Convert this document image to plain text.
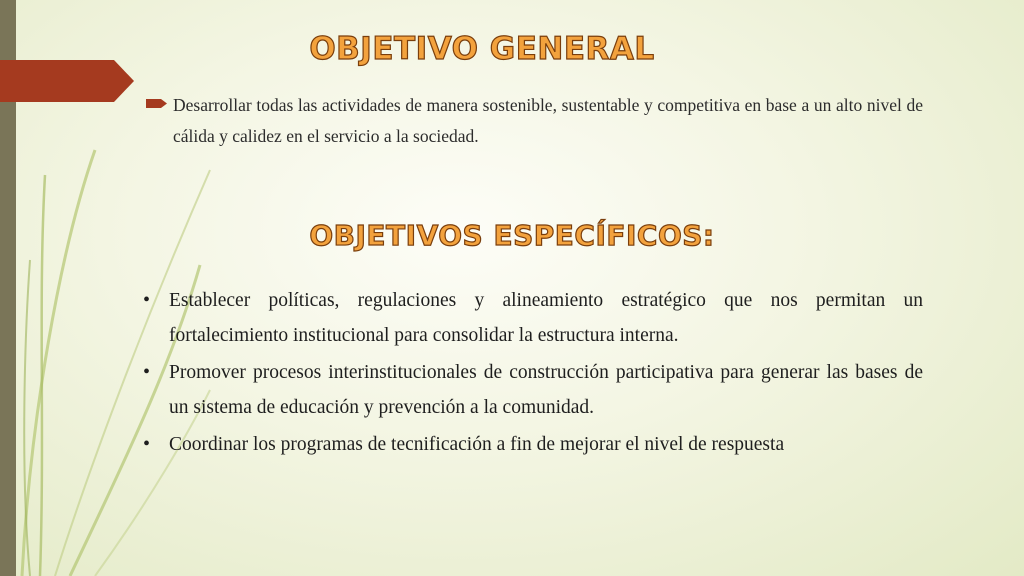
OBJETIVO GENERAL
Desarrollar todas las actividades de manera sostenible, sustentable y competitiva en base a un alto nivel de cálida y calidez en el servicio a la sociedad.
OBJETIVOS ESPECÍFICOS:
• Establecer políticas, regulaciones y alineamiento estratégico que nos permitan un fortalecimiento institucional para consolidar la estructura interna.
• Promover procesos interinstitucionales de construcción participativa para generar las bases de un sistema de educación y prevención a la comunidad.
• Coordinar los programas de tecnificación a fin de mejorar el nivel de respuesta
